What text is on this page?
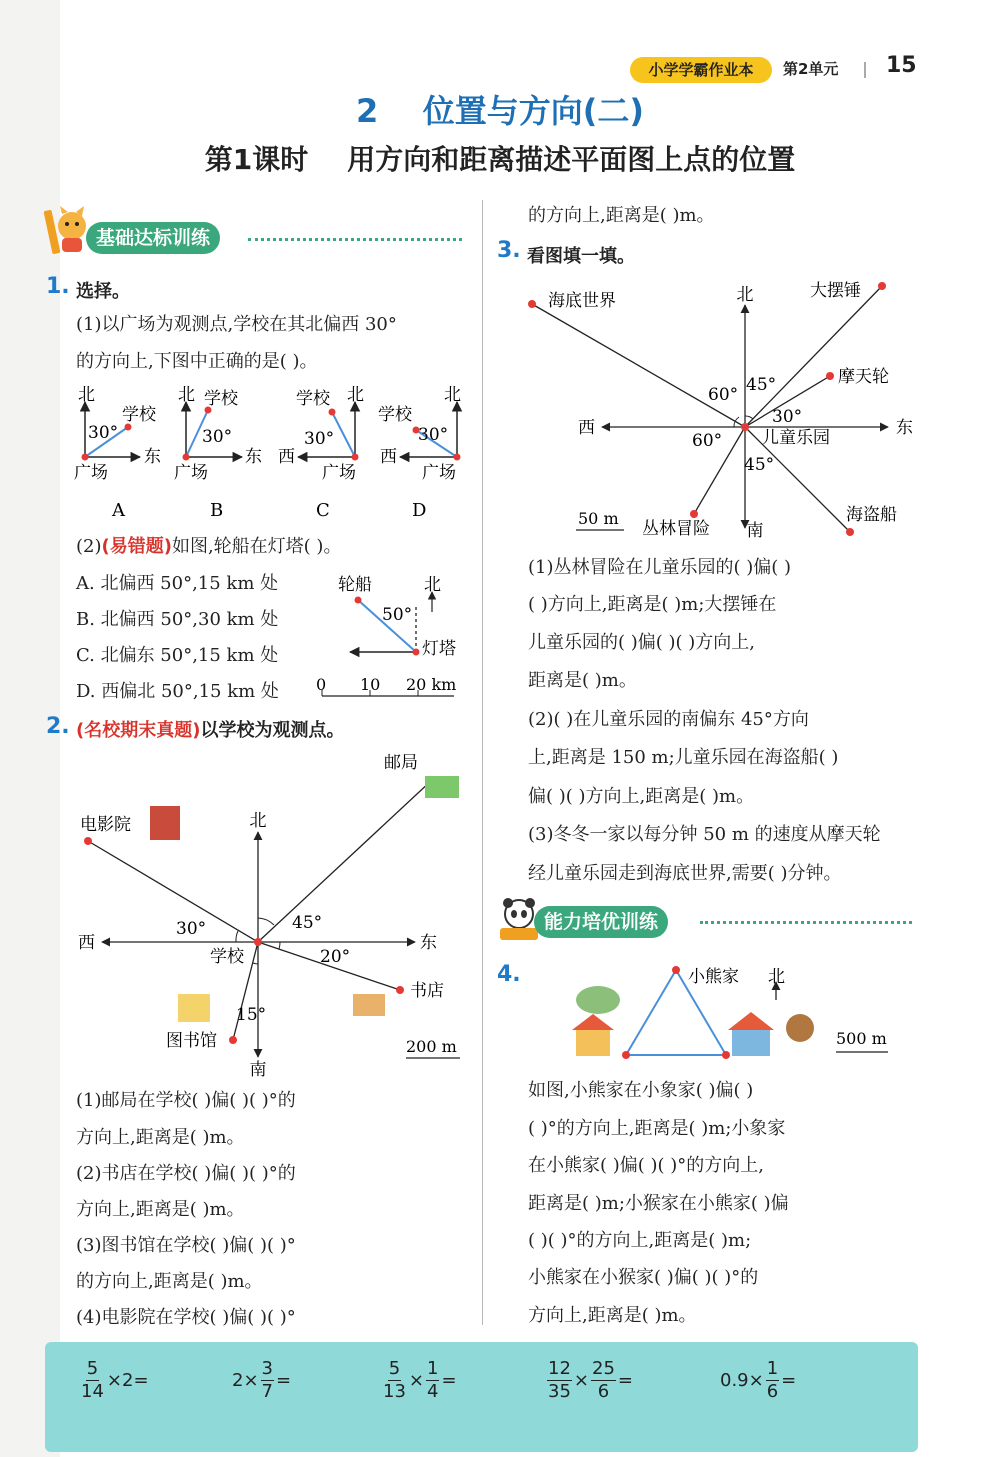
小学学霸作业本	第2单元 15
2    位置与方向(二)
第1课时    用方向和距离描述平面图上点的位置
基础达标训练
1. 选择。
(1)以广场为观测点,学校在其北偏西 30°
的方向上,下图中正确的是( )。
北
学校
30°
东
广场
A
北 学校
30°
东
广场
B
北
学校
30°
西
广场
C
北
学校
30°
西
广场
D
(2)(易错题)如图,轮船在灯塔( )。
A. 北偏西 50°,15 km 处
B. 北偏西 50°,30 km 处
C. 北偏东 50°,15 km 处
D. 西偏北 50°,15 km 处
轮船	北
50°
灯塔
0 10 20 km
2. (名校期末真题)以学校为观测点。
北
南
东
西
学校
邮局
电影院
书店
图书馆
30°	45°
20°
15°
200 m
(1)邮局在学校( )偏( )( )°的
方向上,距离是( )m。
(2)书店在学校( )偏( )( )°的
方向上,距离是( )m。
(3)图书馆在学校( )偏( )( )°
的方向上,距离是( )m。
(4)电影院在学校( )偏( )( )°
的方向上,距离是( )m。
3. 看图填一填。
北
南
东
西	儿童乐园
海底世界	大摆锤
摩天轮
海盗船
丛林冒险
60° 45°
30°
60°
45°
50 m
(1)丛林冒险在儿童乐园的( )偏( )
( )方向上,距离是( )m;大摆锤在
儿童乐园的( )偏( )( )方向上,
距离是( )m。
(2)( )在儿童乐园的南偏东 45°方向
上,距离是 150 m;儿童乐园在海盗船( )
偏( )( )方向上,距离是( )m。
(3)冬冬一家以每分钟 50 m 的速度从摩天轮
经儿童乐园走到海底世界,需要( )分钟。
能力培优训练
4.	小熊家 北
500 m
如图,小熊家在小象家( )偏( )
( )°的方向上,距离是( )m;小象家
在小熊家( )偏( )( )°的方向上,
距离是( )m;小猴家在小熊家( )偏
( )( )°的方向上,距离是( )m;
小熊家在小猴家( )偏( )( )°的
方向上,距离是( )m。
$\frac{5}{14} \times 2=$	$2\times \frac{3}{7}$ =	$\frac{5}{13} \times \frac{1}{4}$ =	$\frac{12}{35} \times \frac{25}{6}$ =	$0.9\times \frac{1}{6}$ =
